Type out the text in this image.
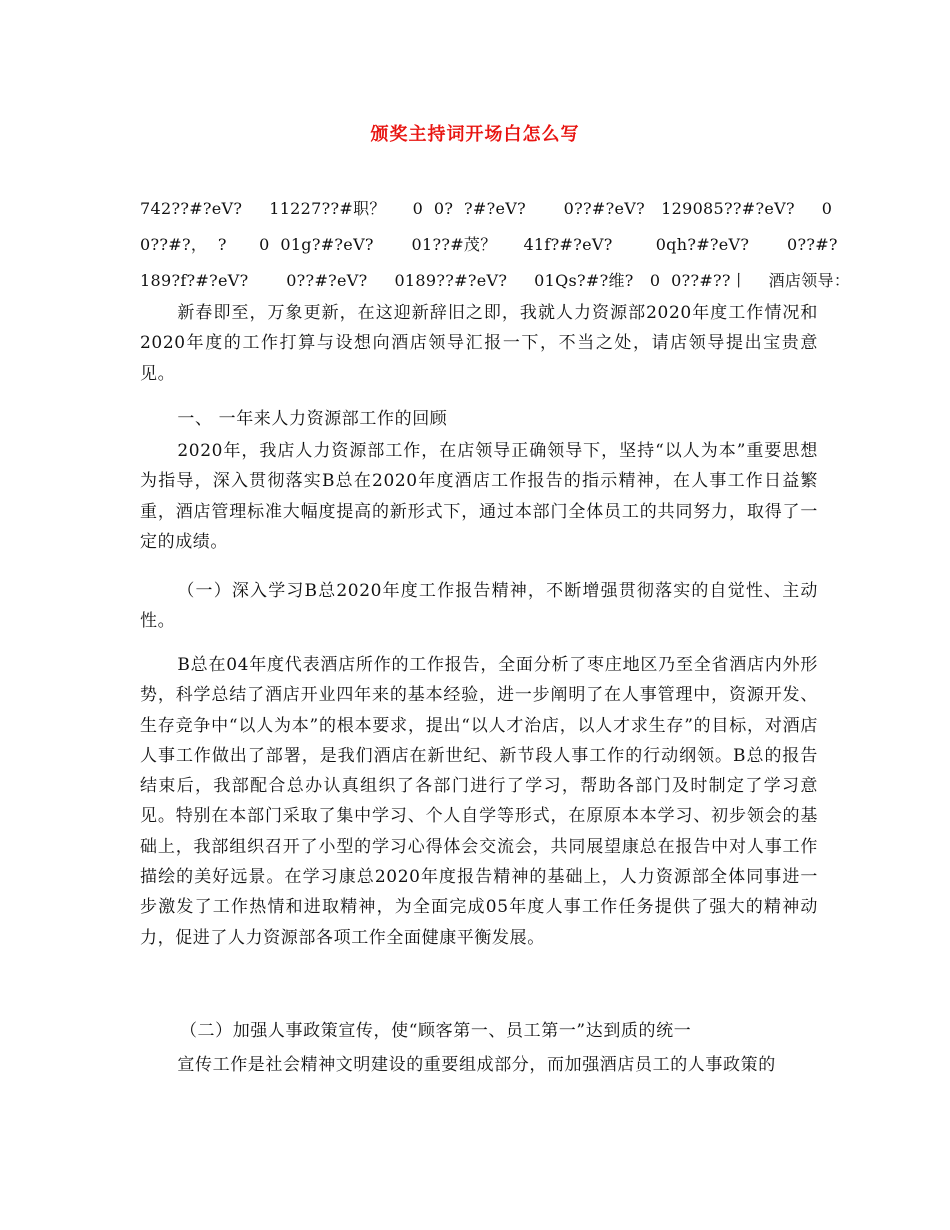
颁奖主持词开场白怎么写
742??#?eV?     11227??#职？     0  0?  ?#?eV?       0??#?eV?   129085??#?eV?     0
0??#?，  ?      0  01g?#?eV?       01??#茂？     41f?#?eV?        0qh?#?eV?       0??#?
189?f?#?eV?       0??#?eV?     0189??#?eV?     01Qs?#?维?   0  0??#??丨    酒店领导：
新春即至，万象更新，在这迎新辞旧之即，我就人力资源部2020年度工作情况和2020年度的工作打算与设想向酒店领导汇报一下，不当之处，请店领导提出宝贵意见。
一、 一年来人力资源部工作的回顾
2020年，我店人力资源部工作，在店领导正确领导下，坚持“以人为本”重要思想为指导，深入贯彻落实B总在2020年度酒店工作报告的指示精神，在人事工作日益繁重，酒店管理标准大幅度提高的新形式下，通过本部门全体员工的共同努力，取得了一定的成绩。
（一）深入学习B总2020年度工作报告精神，不断增强贯彻落实的自觉性、主动性。
B总在04年度代表酒店所作的工作报告，全面分析了枣庄地区乃至全省酒店内外形势，科学总结了酒店开业四年来的基本经验，进一步阐明了在人事管理中，资源开发、生存竞争中“以人为本”的根本要求，提出“以人才治店，以人才求生存”的目标，对酒店人事工作做出了部署，是我们酒店在新世纪、新节段人事工作的行动纲领。B总的报告结束后，我部配合总办认真组织了各部门进行了学习，帮助各部门及时制定了学习意见。特别在本部门采取了集中学习、个人自学等形式，在原原本本学习、初步领会的基础上，我部组织召开了小型的学习心得体会交流会，共同展望康总在报告中对人事工作描绘的美好远景。在学习康总2020年度报告精神的基础上，人力资源部全体同事进一步激发了工作热情和进取精神，为全面完成05年度人事工作任务提供了强大的精神动力，促进了人力资源部各项工作全面健康平衡发展。
（二）加强人事政策宣传，使“顾客第一、员工第一”达到质的统一
宣传工作是社会精神文明建设的重要组成部分，而加强酒店员工的人事政策的
